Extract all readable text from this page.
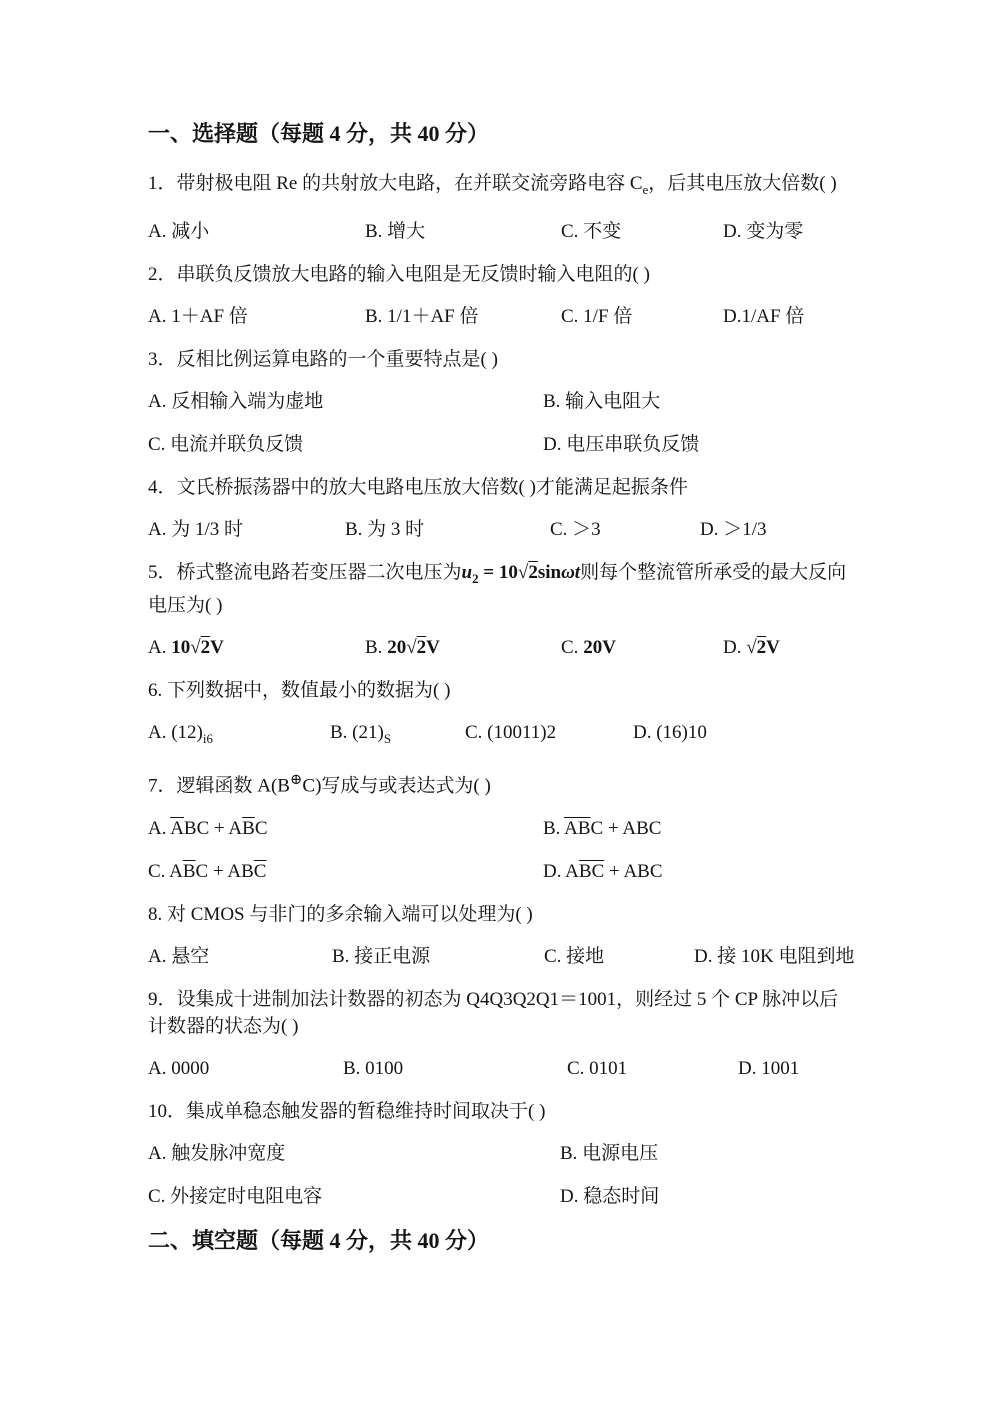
一、选择题（每题 4 分，共 40 分）

1．带射极电阻 Re 的共射放大电路，在并联交流旁路电容 $C_e$，后其电压放大倍数( )

A. 减小	B. 增大	C. 不变	D. 变为零

2．串联负反馈放大电路的输入电阻是无反馈时输入电阻的( )

A. 1＋AF 倍	B. 1/1＋AF 倍	C. 1/F 倍	D.1/AF 倍

3．反相比例运算电路的一个重要特点是( )

A. 反相输入端为虚地	B. 输入电阻大
C. 电流并联负反馈	D. 电压串联负反馈

4．文氏桥振荡器中的放大电路电压放大倍数( )才能满足起振条件

A. 为 1/3 时	B. 为 3 时	C. ＞3	D. ＞1/3

5．桥式整流电路若变压器二次电压为$u_2 = 10√2\sin\omega t$则每个整流管所承受的最大反向电压为( )

A. 10√2V	B. 20√2V	C. 20V	D. √2V

6. 下列数据中，数值最小的数据为( )

A. $(12)_{i6}$	B. $(21)_S$	C. (10011)2	D. (16)10

7．逻辑函数 A(B⊕C)写成与或表达式为( )

A. $\overline{A}BC + A\overline{B}C$	B. $\overline{A}\overline{B}C$ + ABC
C. $A\overline{B}C + AB\overline{C}$	D. $A\overline{B}\overline{C}$ + ABC

8. 对 CMOS 与非门的多余输入端可以处理为( )

A. 悬空	B. 接正电源	C. 接地	D. 接 10K 电阻到地

9．设集成十进制加法计数器的初态为 Q4Q3Q2Q1＝1001，则经过 5 个 CP 脉冲以后计数器的状态为( )

A. 0000	B. 0100	C. 0101	D. 1001

10．集成单稳态触发器的暂稳维持时间取决于( )

A. 触发脉冲宽度	B. 电源电压
C. 外接定时电阻电容	D. 稳态时间
二、填空题（每题 4 分，共 40 分）
